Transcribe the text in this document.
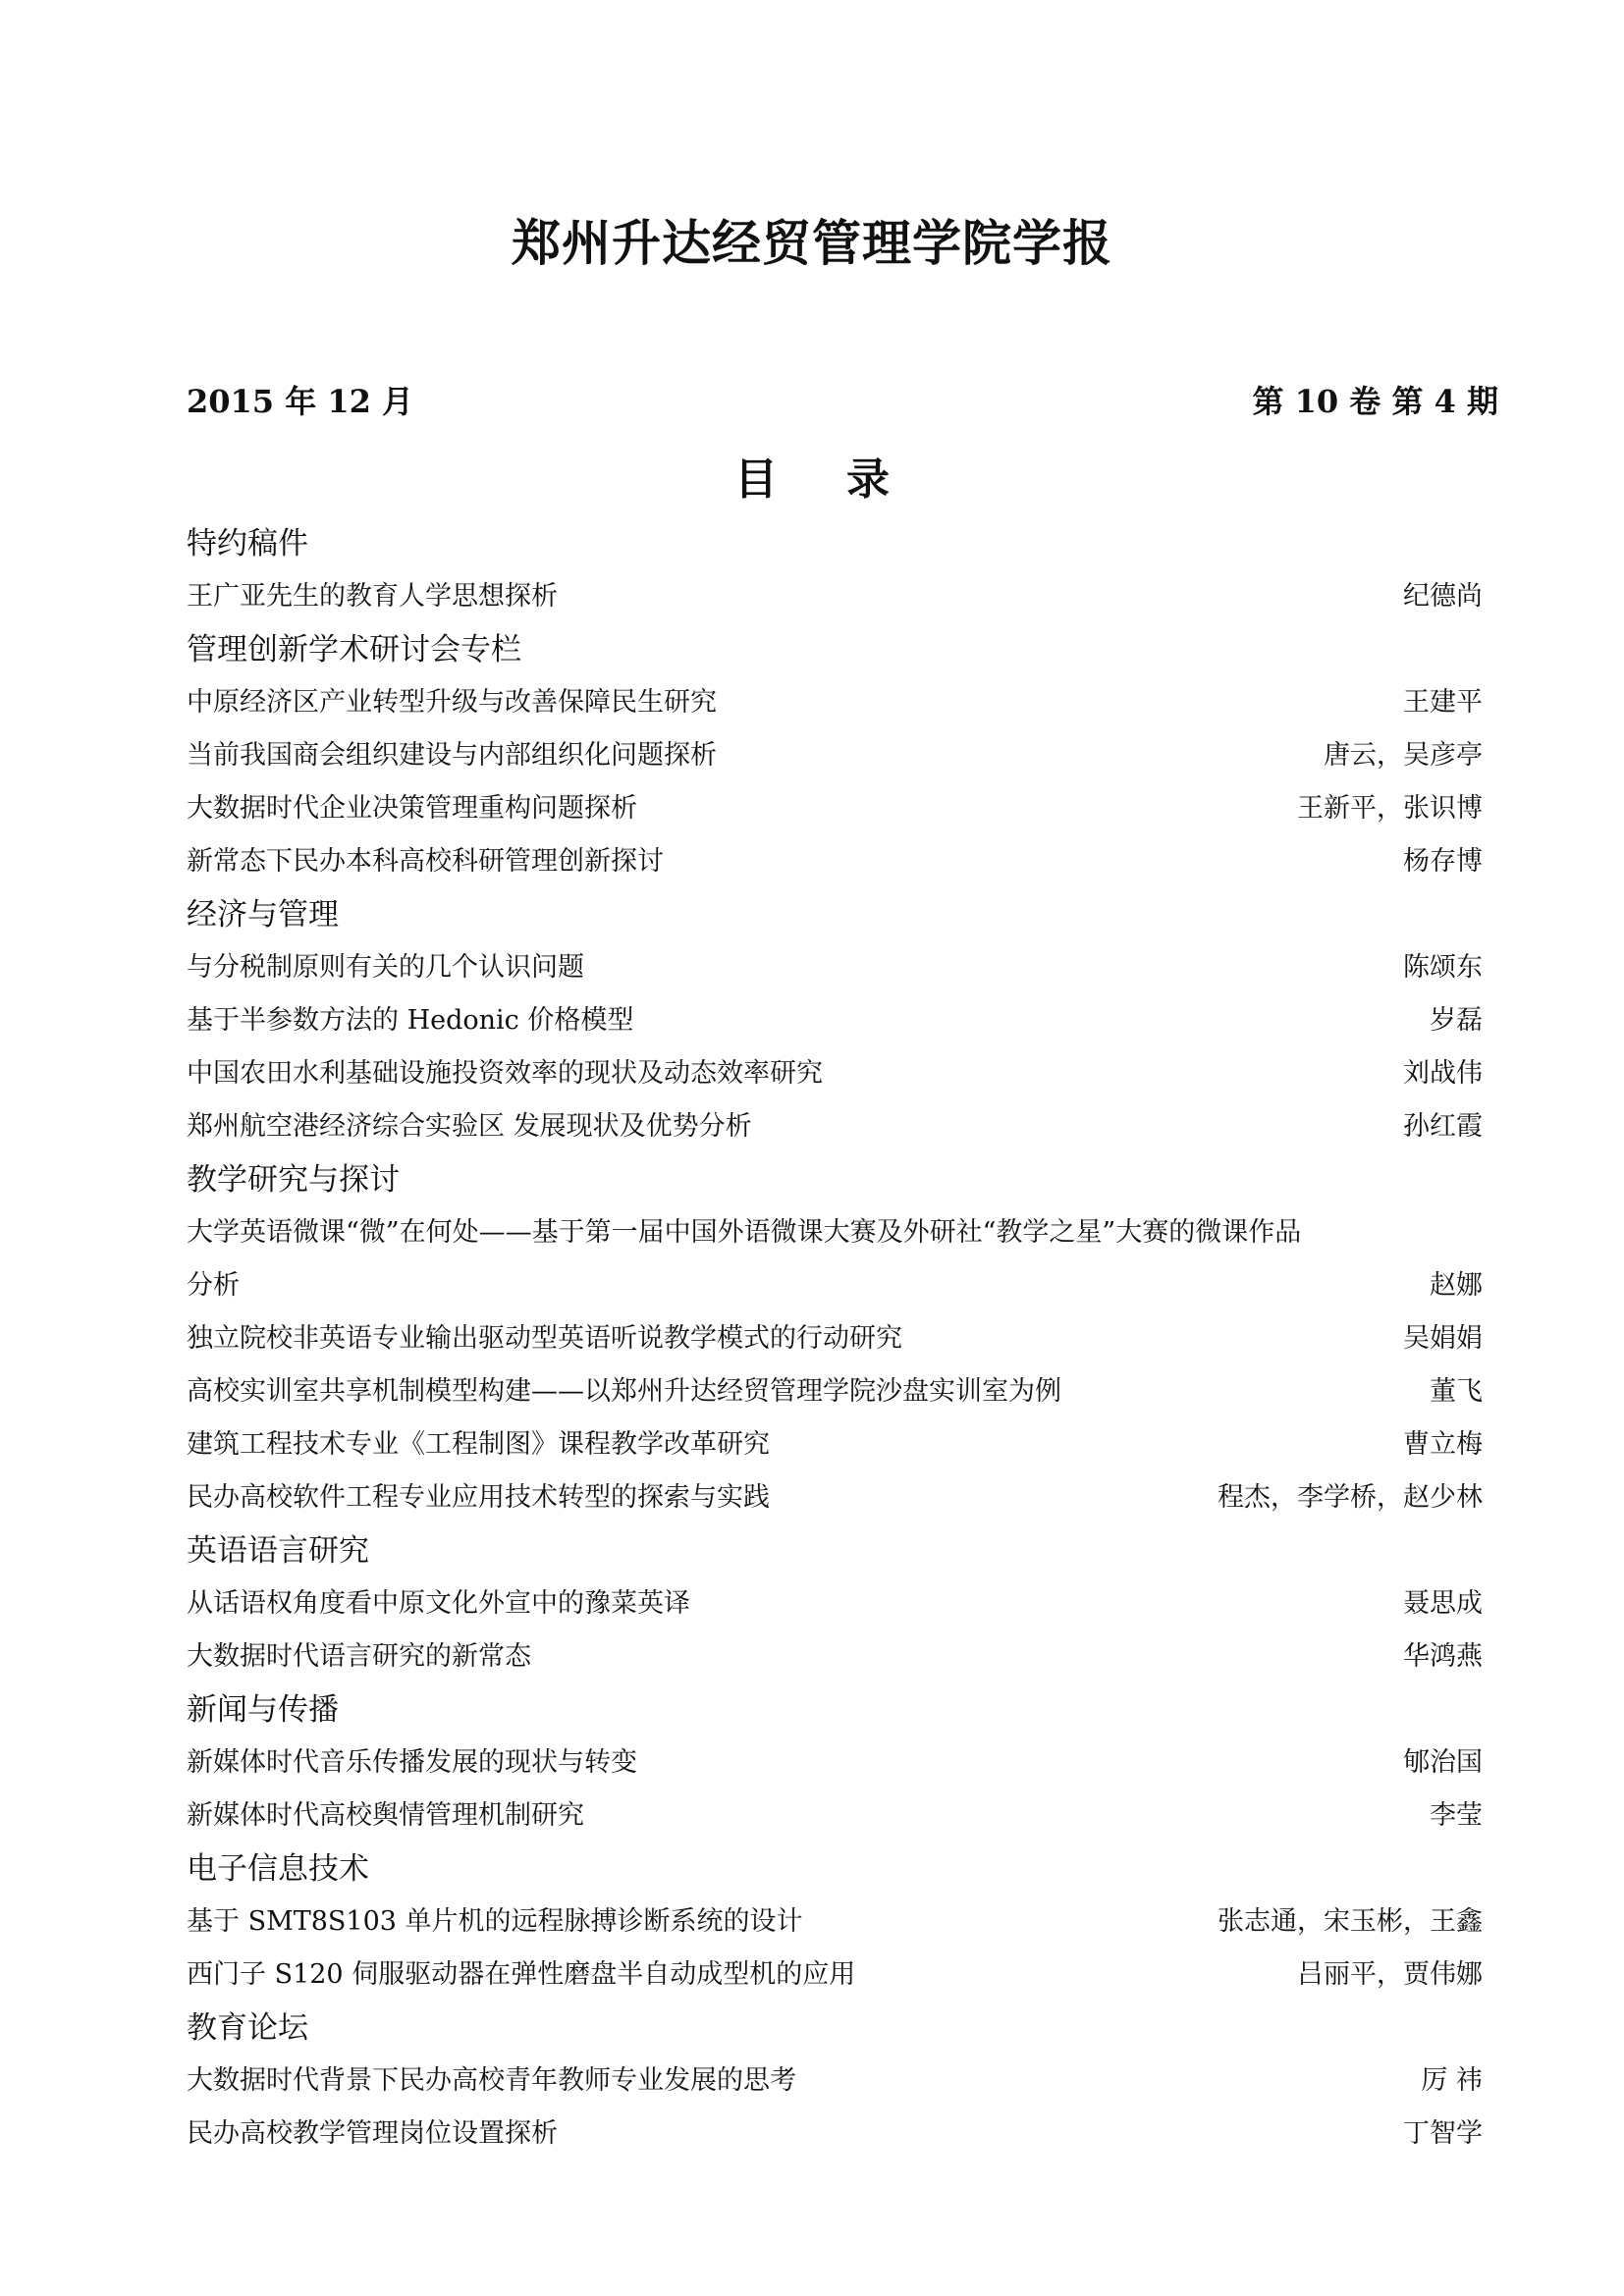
郑州升达经贸管理学院学报
2015 年 12 月	第 10 卷 第 4 期
目录
特约稿件
王广亚先生的教育人学思想探析	纪德尚
管理创新学术研讨会专栏
中原经济区产业转型升级与改善保障民生研究	王建平
当前我国商会组织建设与内部组织化问题探析	唐云，吴彦亭
大数据时代企业决策管理重构问题探析	王新平，张识博
新常态下民办本科高校科研管理创新探讨	杨存博
经济与管理
与分税制原则有关的几个认识问题	陈颂东
基于半参数方法的 Hedonic 价格模型	岁磊
中国农田水利基础设施投资效率的现状及动态效率研究	刘战伟
郑州航空港经济综合实验区 发展现状及优势分析	孙红霞
教学研究与探讨
大学英语微课“微”在何处——基于第一届中国外语微课大赛及外研社“教学之星”大赛的微课作品
分析	赵娜
独立院校非英语专业输出驱动型英语听说教学模式的行动研究	吴娟娟
高校实训室共享机制模型构建——以郑州升达经贸管理学院沙盘实训室为例	董飞
建筑工程技术专业《工程制图》课程教学改革研究	曹立梅
民办高校软件工程专业应用技术转型的探索与实践	程杰，李学桥，赵少林
英语语言研究
从话语权角度看中原文化外宣中的豫菜英译	聂思成
大数据时代语言研究的新常态	华鸿燕
新闻与传播
新媒体时代音乐传播发展的现状与转变	郇治国
新媒体时代高校舆情管理机制研究	李莹
电子信息技术
基于 SMT8S103 单片机的远程脉搏诊断系统的设计	张志通，宋玉彬，王鑫
西门子 S120 伺服驱动器在弹性磨盘半自动成型机的应用	吕丽平，贾伟娜
教育论坛
大数据时代背景下民办高校青年教师专业发展的思考	厉 祎
民办高校教学管理岗位设置探析	丁智学
